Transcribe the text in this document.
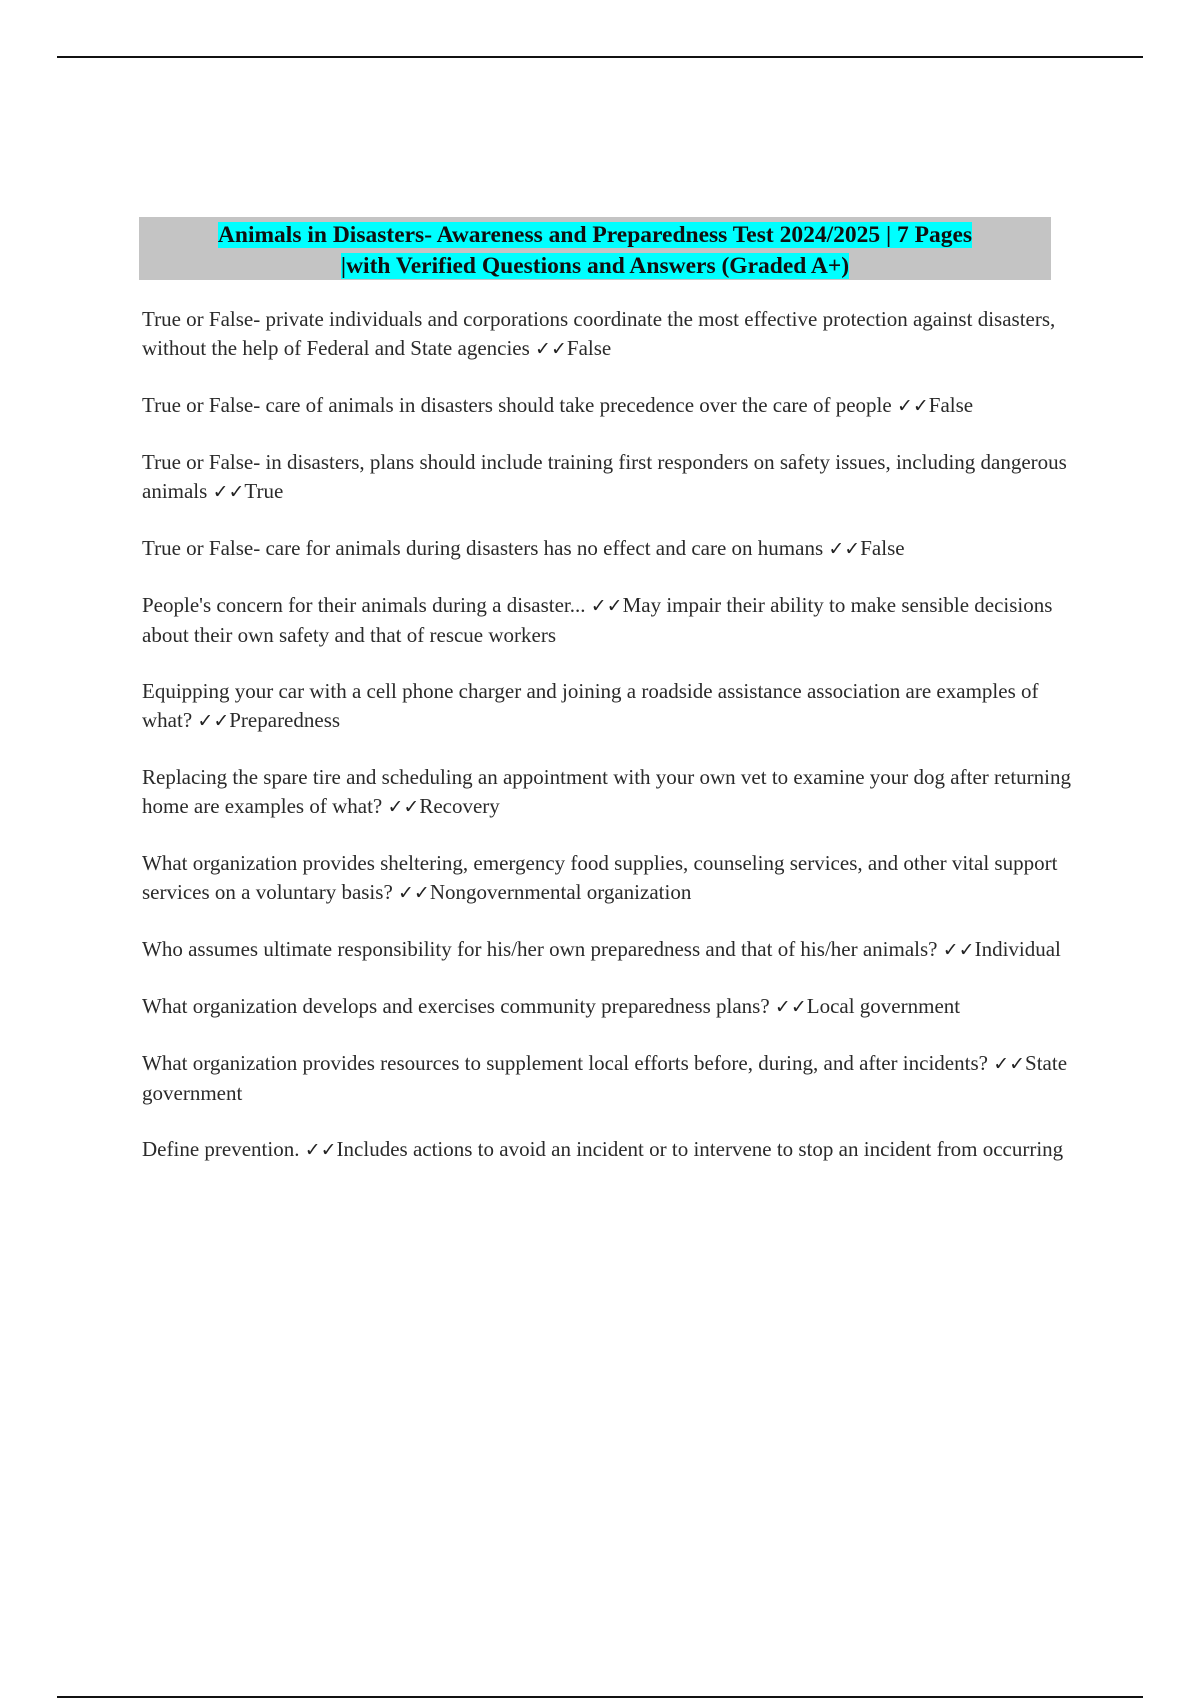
Animals in Disasters- Awareness and Preparedness Test 2024/2025 | 7 Pages
|with Verified Questions and Answers (Graded A+)

True or False- private individuals and corporations coordinate the most effective protection against disasters, without the help of Federal and State agencies ✓✓False

True or False- care of animals in disasters should take precedence over the care of people ✓✓False

True or False- in disasters, plans should include training first responders on safety issues, including dangerous animals ✓✓True

True or False- care for animals during disasters has no effect and care on humans ✓✓False

People's concern for their animals during a disaster... ✓✓May impair their ability to make sensible decisions about their own safety and that of rescue workers

Equipping your car with a cell phone charger and joining a roadside assistance association are examples of what? ✓✓Preparedness

Replacing the spare tire and scheduling an appointment with your own vet to examine your dog after returning home are examples of what? ✓✓Recovery

What organization provides sheltering, emergency food supplies, counseling services, and other vital support services on a voluntary basis? ✓✓Nongovernmental organization

Who assumes ultimate responsibility for his/her own preparedness and that of his/her animals? ✓✓Individual

What organization develops and exercises community preparedness plans? ✓✓Local government

What organization provides resources to supplement local efforts before, during, and after incidents? ✓✓State government

Define prevention. ✓✓Includes actions to avoid an incident or to intervene to stop an incident from occurring
